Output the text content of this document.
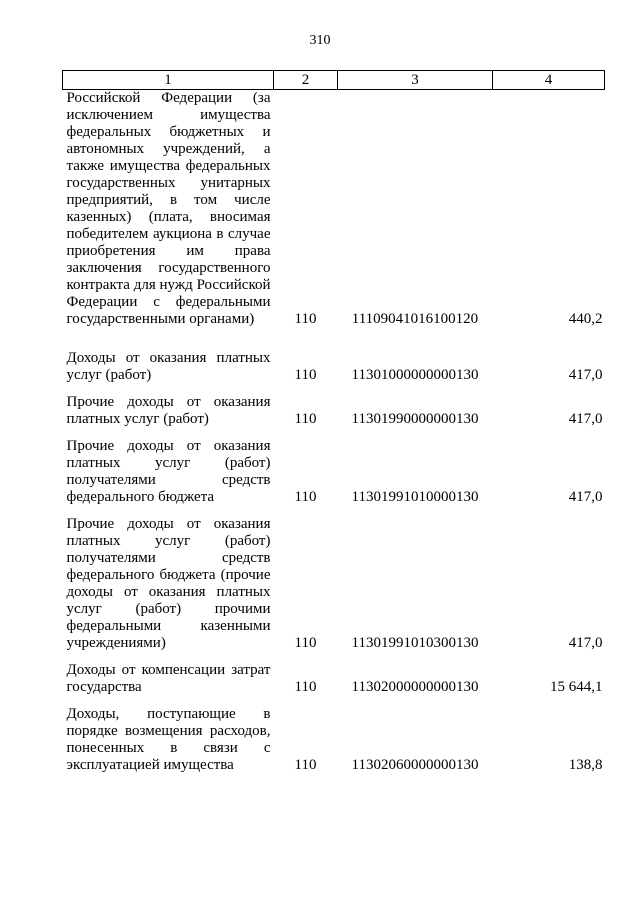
310
1	2	3	4
Российской Федерации (за исключением имущества федеральных бюджетных и автономных учреждений, а также имущества федеральных государственных унитарных предприятий, в том числе казенных) (плата, вносимая победителем аукциона в случае приобретения им права заключения государственного контракта для нужд Российской Федерации с федеральными государственными органами)	110	11109041016100120	440,2

Доходы от оказания платных услуг (работ)	110	11301000000000130	417,0

Прочие доходы от оказания платных услуг (работ)	110	11301990000000130	417,0

Прочие доходы от оказания платных услуг (работ) получателями средств федерального бюджета	110	11301991010000130	417,0

Прочие доходы от оказания платных услуг (работ) получателями средств федерального бюджета (прочие доходы от оказания платных услуг (работ) прочими федеральными казенными учреждениями)	110	11301991010300130	417,0

Доходы от компенсации затрат государства	110	11302000000000130	15 644,1

Доходы, поступающие в порядке возмещения расходов, понесенных в связи с эксплуатацией имущества	110	11302060000000130	138,8
